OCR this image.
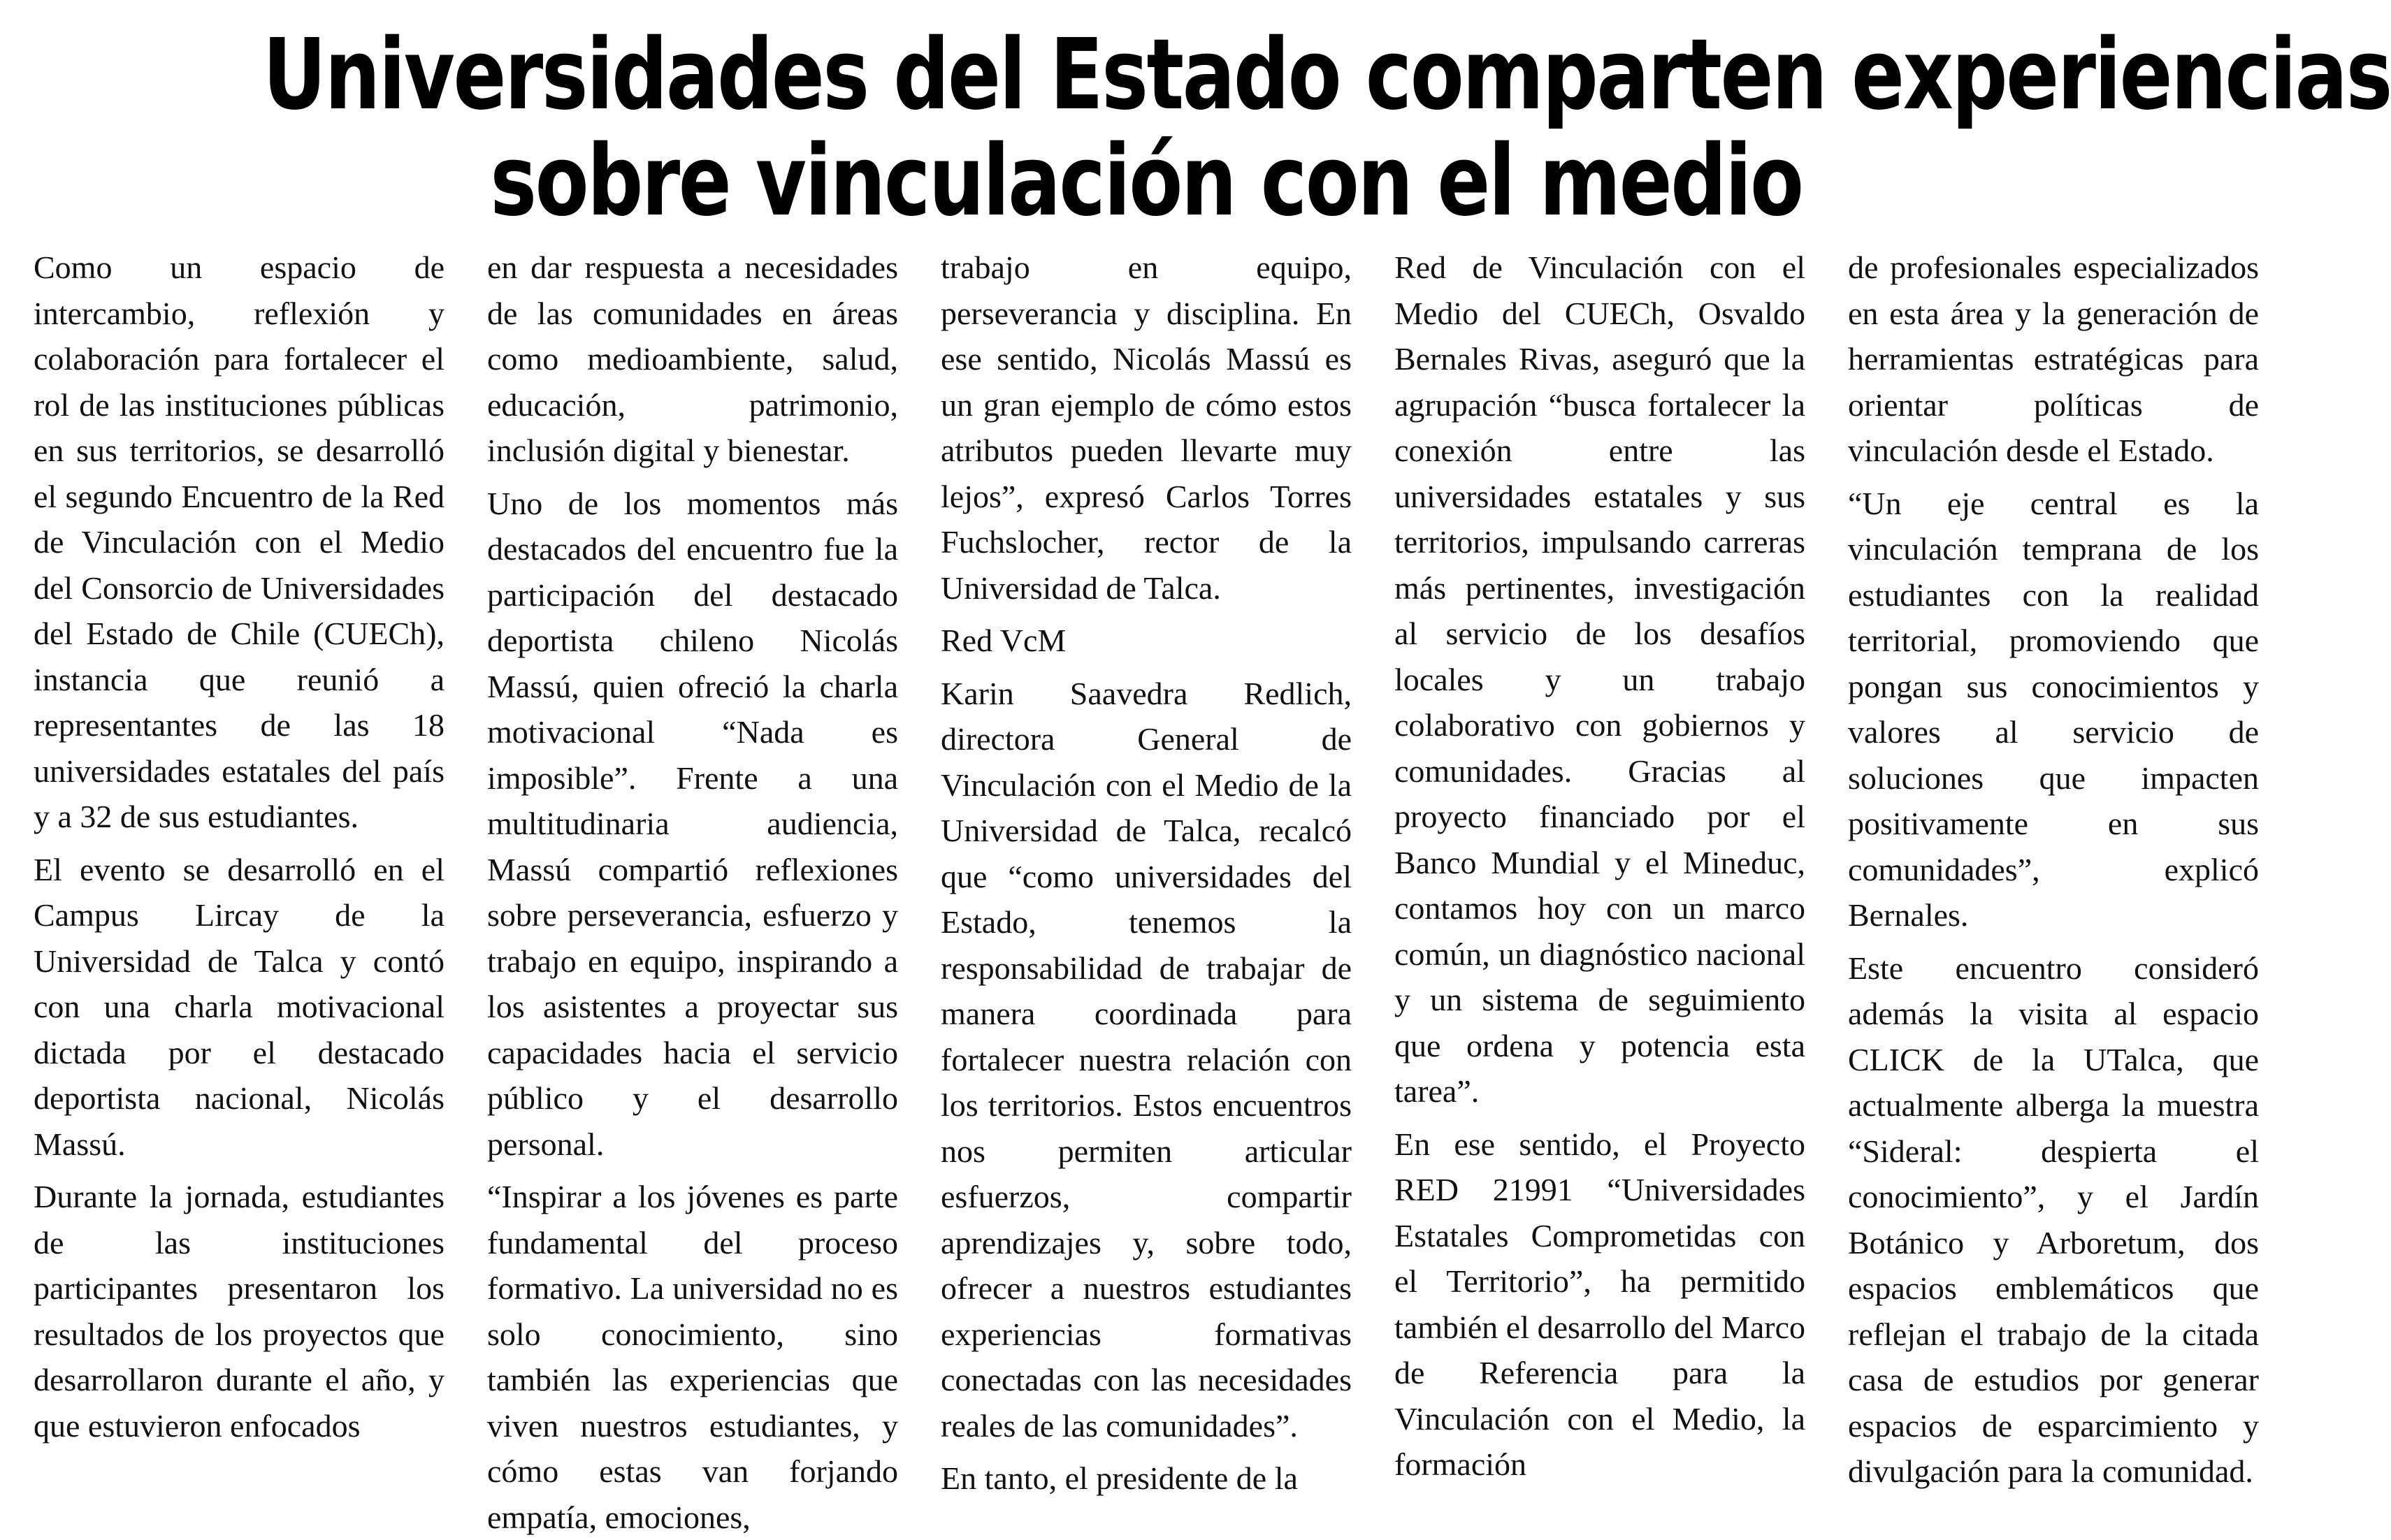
Universidades del Estado comparten experiencias
sobre vinculación con el medio

Como un espacio de intercambio, reflexión y colaboración para fortalecer el rol de las instituciones públicas en sus territorios, se desarrolló el segundo Encuentro de la Red de Vinculación con el Medio del Consorcio de Universidades del Estado de Chile (CUECh), instancia que reunió a representantes de las 18 universidades estatales del país y a 32 de sus estudiantes.

El evento se desarrolló en el Campus Lircay de la Universidad de Talca y contó con una charla motivacional dictada por el destacado deportista nacional, Nicolás Massú.

Durante la jornada, estudiantes de las instituciones participantes presentaron los resultados de los proyectos que desarrollaron durante el año, y que estuvieron enfocados

en dar respuesta a necesidades de las comunidades en áreas como medioambiente, salud, educación, patrimonio, inclusión digital y bienestar.

Uno de los momentos más destacados del encuentro fue la participación del destacado deportista chileno Nicolás Massú, quien ofreció la charla motivacional “Nada es imposible”. Frente a una multitudinaria audiencia, Massú compartió reflexiones sobre perseverancia, esfuerzo y trabajo en equipo, inspirando a los asistentes a proyectar sus capacidades hacia el servicio público y el desarrollo personal.

“Inspirar a los jóvenes es parte fundamental del proceso formativo. La universidad no es solo conocimiento, sino también las experiencias que viven nuestros estudiantes, y cómo estas van forjando empatía, emociones,

trabajo en equipo, perseverancia y disciplina. En ese sentido, Nicolás Massú es un gran ejemplo de cómo estos atributos pueden llevarte muy lejos”, expresó Carlos Torres Fuchslocher, rector de la Universidad de Talca.

Red VcM

Karin Saavedra Redlich, directora General de Vinculación con el Medio de la Universidad de Talca, recalcó que “como universidades del Estado, tenemos la responsabilidad de trabajar de manera coordinada para fortalecer nuestra relación con los territorios. Estos encuentros nos permiten articular esfuerzos, compartir aprendizajes y, sobre todo, ofrecer a nuestros estudiantes experiencias formativas conectadas con las necesidades reales de las comunidades”.

En tanto, el presidente de la

Red de Vinculación con el Medio del CUECh, Osvaldo Bernales Rivas, aseguró que la agrupación “busca fortalecer la conexión entre las universidades estatales y sus territorios, impulsando carreras más pertinentes, investigación al servicio de los desafíos locales y un trabajo colaborativo con gobiernos y comunidades. Gracias al proyecto financiado por el Banco Mundial y el Mineduc, contamos hoy con un marco común, un diagnóstico nacional y un sistema de seguimiento que ordena y potencia esta tarea”.

En ese sentido, el Proyecto RED 21991 “Universidades Estatales Comprometidas con el Territorio”, ha permitido también el desarrollo del Marco de Referencia para la Vinculación con el Medio, la formación

de profesionales especializados en esta área y la generación de herramientas estratégicas para orientar políticas de vinculación desde el Estado.

“Un eje central es la vinculación temprana de los estudiantes con la realidad territorial, promoviendo que pongan sus conocimientos y valores al servicio de soluciones que impacten positivamente en sus comunidades”, explicó Bernales.

Este encuentro consideró además la visita al espacio CLICK de la UTalca, que actualmente alberga la muestra “Sideral: despierta el conocimiento”, y el Jardín Botánico y Arboretum, dos espacios emblemáticos que reflejan el trabajo de la citada casa de estudios por generar espacios de esparcimiento y divulgación para la comunidad.
